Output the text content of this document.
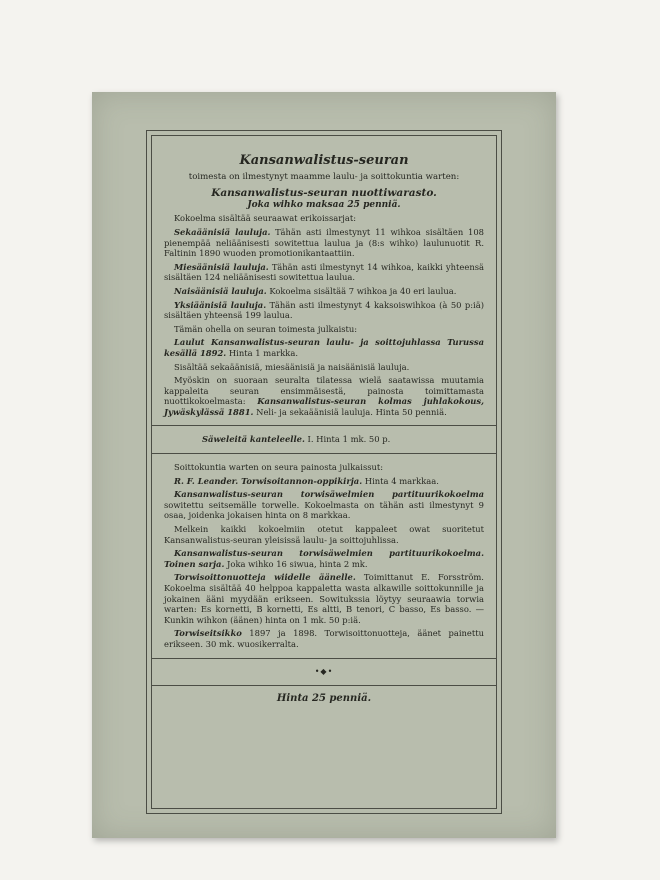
Kansanwalistus-seuran
toimesta on ilmestynyt maamme laulu- ja soittokuntia warten:
Kansanwalistus-seuran nuottiwarasto.
Joka wihko maksaa 25 penniä.

Kokoelma sisältää seuraawat erikoissarjat:

Sekaäänisiä lauluja. Tähän asti ilmestynyt 11 wihkoa sisältäen 108 pienempää neliäänisesti sowitettua laulua ja (8:s wihko) laulunuotit R. Faltinin 1890 wuoden promotionikantaattiin.

Miesäänisiä lauluja. Tähän asti ilmestynyt 14 wihkoa, kaikki yhteensä sisältäen 124 neliäänisesti sowitettua laulua.

Naisäänisiä lauluja. Kokoelma sisältää 7 wihkoa ja 40 eri laulua.

Yksiäänisiä lauluja. Tähän asti ilmestynyt 4 kaksoiswihkoa (à 50 p:iä) sisältäen yhteensä 199 laulua.

Tämän ohella on seuran toimesta julkaistu:

Laulut Kansanwalistus-seuran laulu- ja soittojuhlassa Turussa kesällä 1892. Hinta 1 markka.

Sisältää sekaäänisiä, miesäänisiä ja naisäänisiä lauluja.

Myöskin on suoraan seuralta tilatessa wielä saatawissa muutamia kappaleita seuran ensimmäisestä, painosta toimittamasta nuottikokoelmasta: Kansanwalistus-seuran kolmas juhlakokous, Jywäskylässä 1881. Neli- ja sekaäänisiä lauluja. Hinta 50 penniä.

Säweleitä kanteleelle. I. Hinta 1 mk. 50 p.

Soittokuntia warten on seura painosta julkaissut:

R. F. Leander. Torwisoitannon-oppikirja. Hinta 4 markkaa.

Kansanwalistus-seuran torwisäwelmien partituurikokoelma sowitettu seitsemälle torwelle. Kokoelmasta on tähän asti ilmestynyt 9 osaa, joidenka jokaisen hinta on 8 markkaa.

Melkein kaikki kokoelmiin otetut kappaleet owat suoritetut Kansanwalistus-seuran yleisissä laulu- ja soittojuhlissa.

Kansanwalistus-seuran torwisäwelmien partituurikokoelma. Toinen sarja. Joka wihko 16 siwua, hinta 2 mk.

Torwisoittonuotteja wiidelle äänelle. Toimittanut E. Forsström. Kokoelma sisältää 40 helppoa kappaletta wasta alkawille soittokunnille ja jokainen ääni myydään erikseen. Sowitukssia löytyy seuraawia torwia warten: Es kornetti, B kornetti, Es altti, B tenori, C basso, Es basso. — Kunkin wihkon (äänen) hinta on 1 mk. 50 p:iä.

Torwiseitsikko 1897 ja 1898. Torwisoittonuotteja, äänet painettu erikseen. 30 mk. wuosikerralta.

•◆•
Hinta 25 penniä.
